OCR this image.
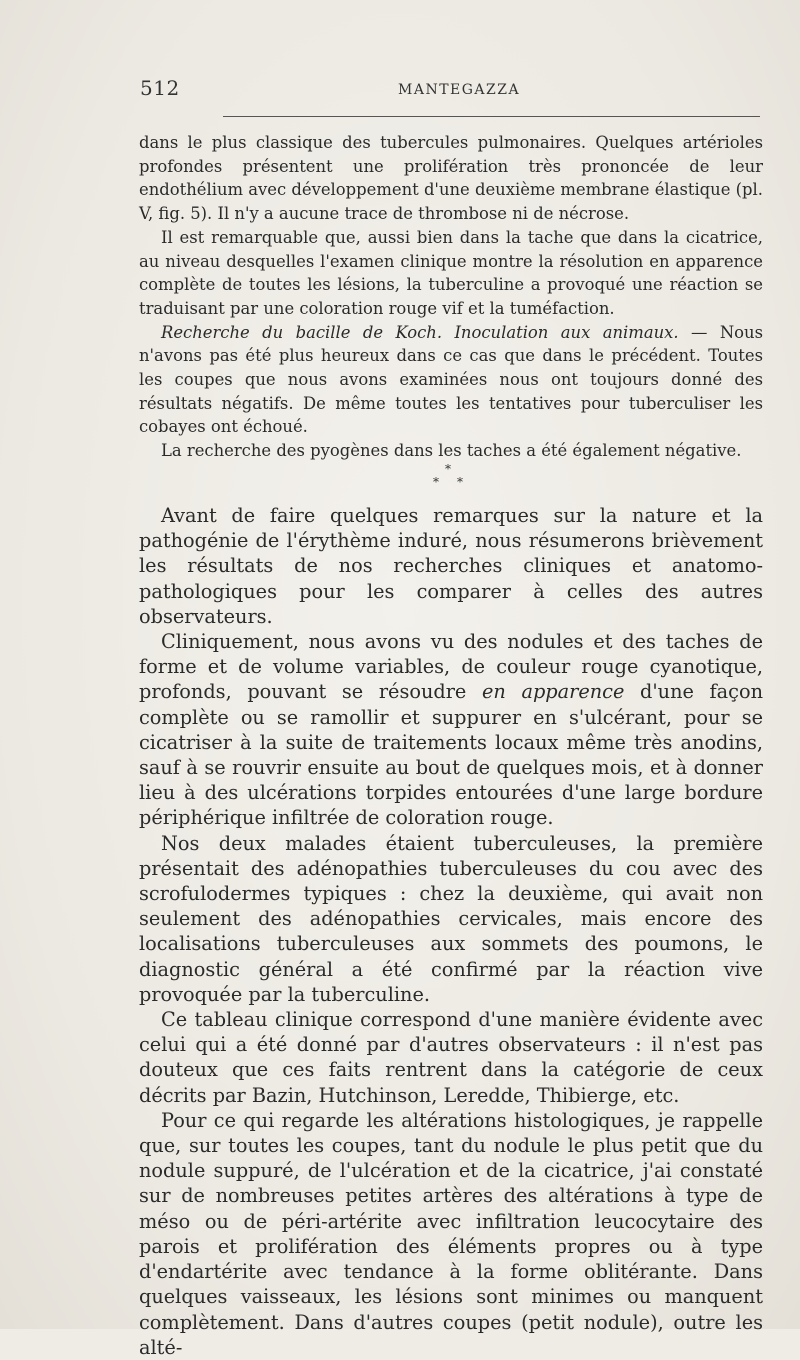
512	MANTEGAZZA

dans le plus classique des tubercules pulmonaires. Quelques artérioles profondes présentent une prolifération très prononcée de leur endothélium avec développement d'une deuxième membrane élastique (pl. V, fig. 5). Il n'y a aucune trace de thrombose ni de nécrose.

Il est remarquable que, aussi bien dans la tache que dans la cicatrice, au niveau desquelles l'examen clinique montre la résolution en apparence complète de toutes les lésions, la tuberculine a provoqué une réaction se traduisant par une coloration rouge vif et la tuméfaction.

Recherche du bacille de Koch. Inoculation aux animaux. — Nous n'avons pas été plus heureux dans ce cas que dans le précédent. Toutes les coupes que nous avons examinées nous ont toujours donné des résultats négatifs. De même toutes les tentatives pour tuberculiser les cobayes ont échoué.

La recherche des pyogènes dans les taches a été également négative.

*
* *

Avant de faire quelques remarques sur la nature et la pathogénie de l'érythème induré, nous résumerons brièvement les résultats de nos recherches cliniques et anatomo-pathologiques pour les comparer à celles des autres observateurs.

Cliniquement, nous avons vu des nodules et des taches de forme et de volume variables, de couleur rouge cyanotique, profonds, pouvant se résoudre en apparence d'une façon complète ou se ramollir et suppurer en s'ulcérant, pour se cicatriser à la suite de traitements locaux même très anodins, sauf à se rouvrir ensuite au bout de quelques mois, et à donner lieu à des ulcérations torpides entourées d'une large bordure périphérique infiltrée de coloration rouge.

Nos deux malades étaient tuberculeuses, la première présentait des adénopathies tuberculeuses du cou avec des scrofulodermes typiques : chez la deuxième, qui avait non seulement des adénopathies cervicales, mais encore des localisations tuberculeuses aux sommets des poumons, le diagnostic général a été confirmé par la réaction vive provoquée par la tuberculine.

Ce tableau clinique correspond d'une manière évidente avec celui qui a été donné par d'autres observateurs : il n'est pas douteux que ces faits rentrent dans la catégorie de ceux décrits par Bazin, Hutchinson, Leredde, Thibierge, etc.

Pour ce qui regarde les altérations histologiques, je rappelle que, sur toutes les coupes, tant du nodule le plus petit que du nodule suppuré, de l'ulcération et de la cicatrice, j'ai constaté sur de nombreuses petites artères des altérations à type de méso ou de péri-artérite avec infiltration leucocytaire des parois et prolifération des éléments propres ou à type d'endartérite avec tendance à la forme oblitérante. Dans quelques vaisseaux, les lésions sont minimes ou manquent complètement. Dans d'autres coupes (petit nodule), outre les alté-
